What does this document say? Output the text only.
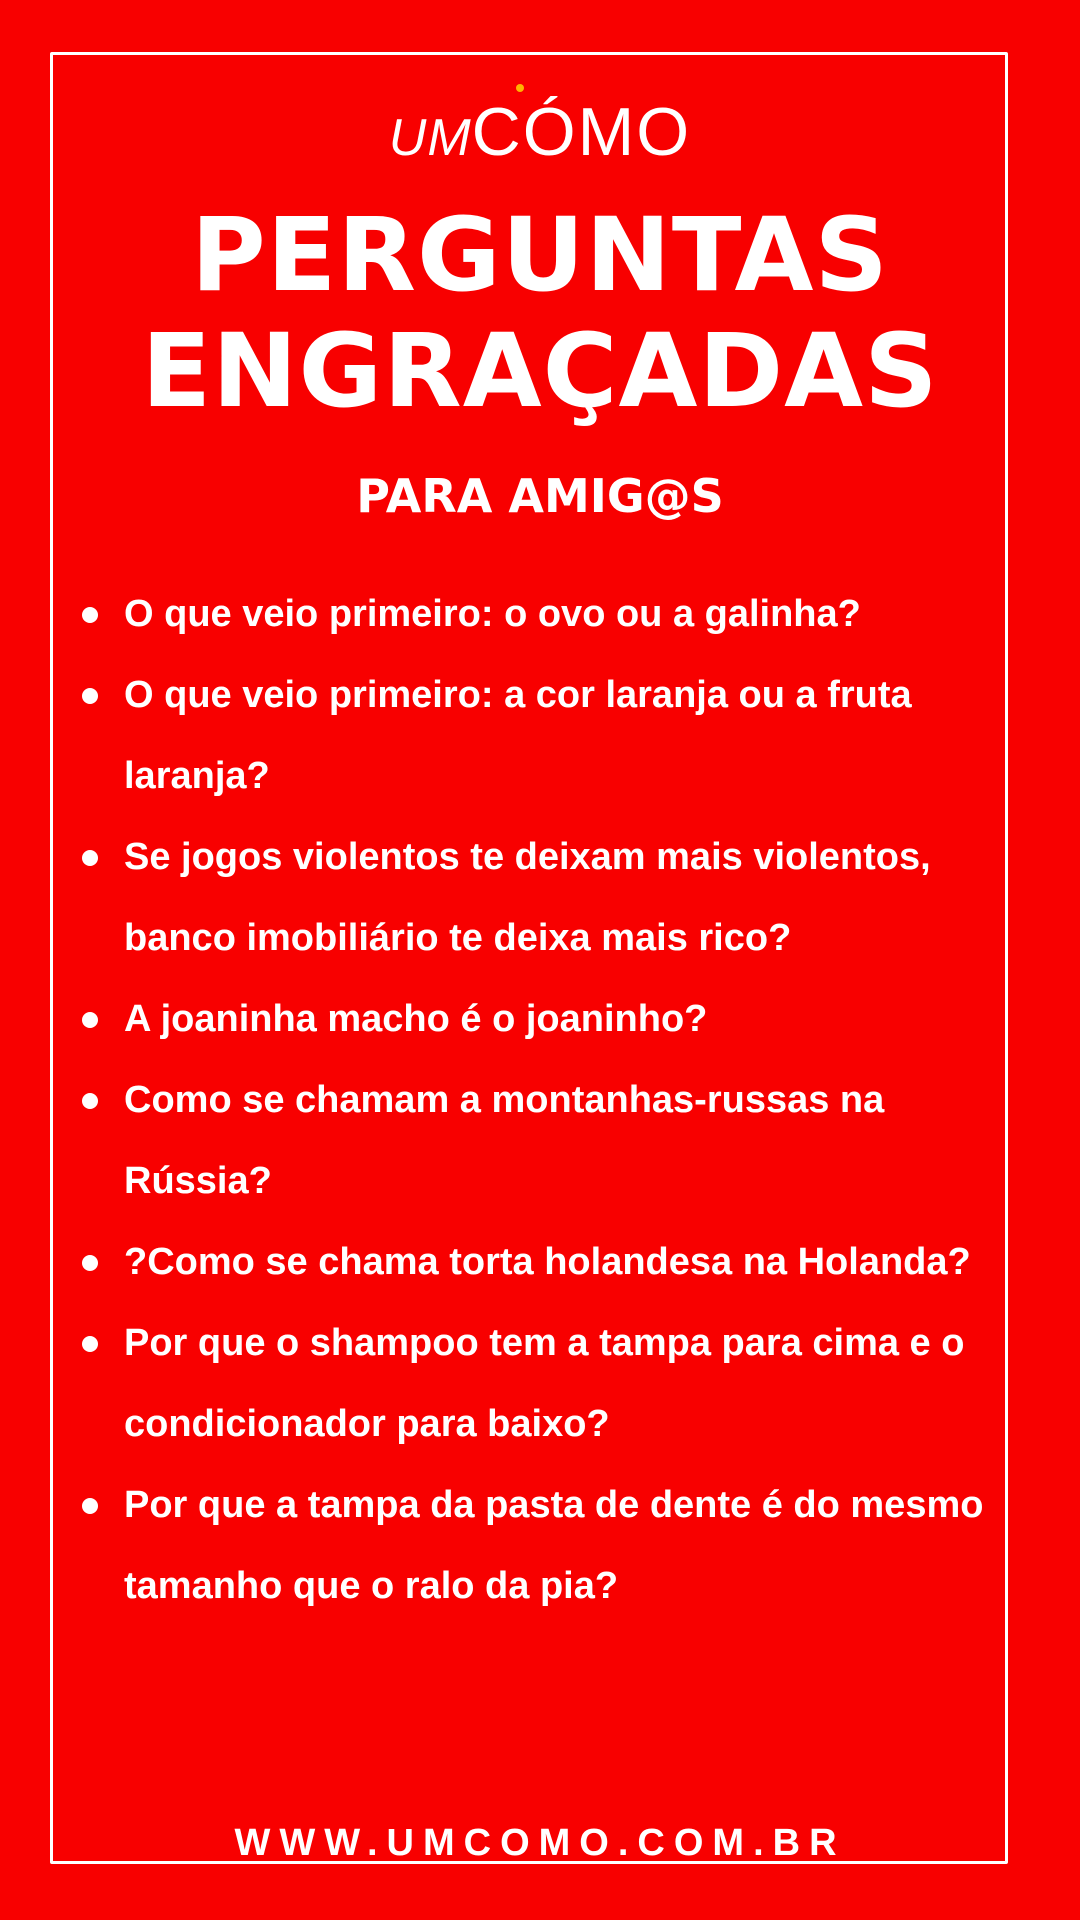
UM
CÓMO
PERGUNTAS
ENGRAÇADAS
PARA AMIG@S
O que veio primeiro: o ovo ou a galinha?
O que veio primeiro: a cor laranja ou a fruta laranja?
Se jogos violentos te deixam mais violentos, banco imobiliário te deixa mais rico?
A joaninha macho é o joaninho?
Como se chamam a montanhas-russas na Rússia?
?Como se chama torta holandesa na Holanda?
Por que o shampoo tem a tampa para cima e o condicionador para baixo?
Por que a tampa da pasta de dente é do mesmo tamanho que o ralo da pia?
WWW.UMCOMO.COM.BR
